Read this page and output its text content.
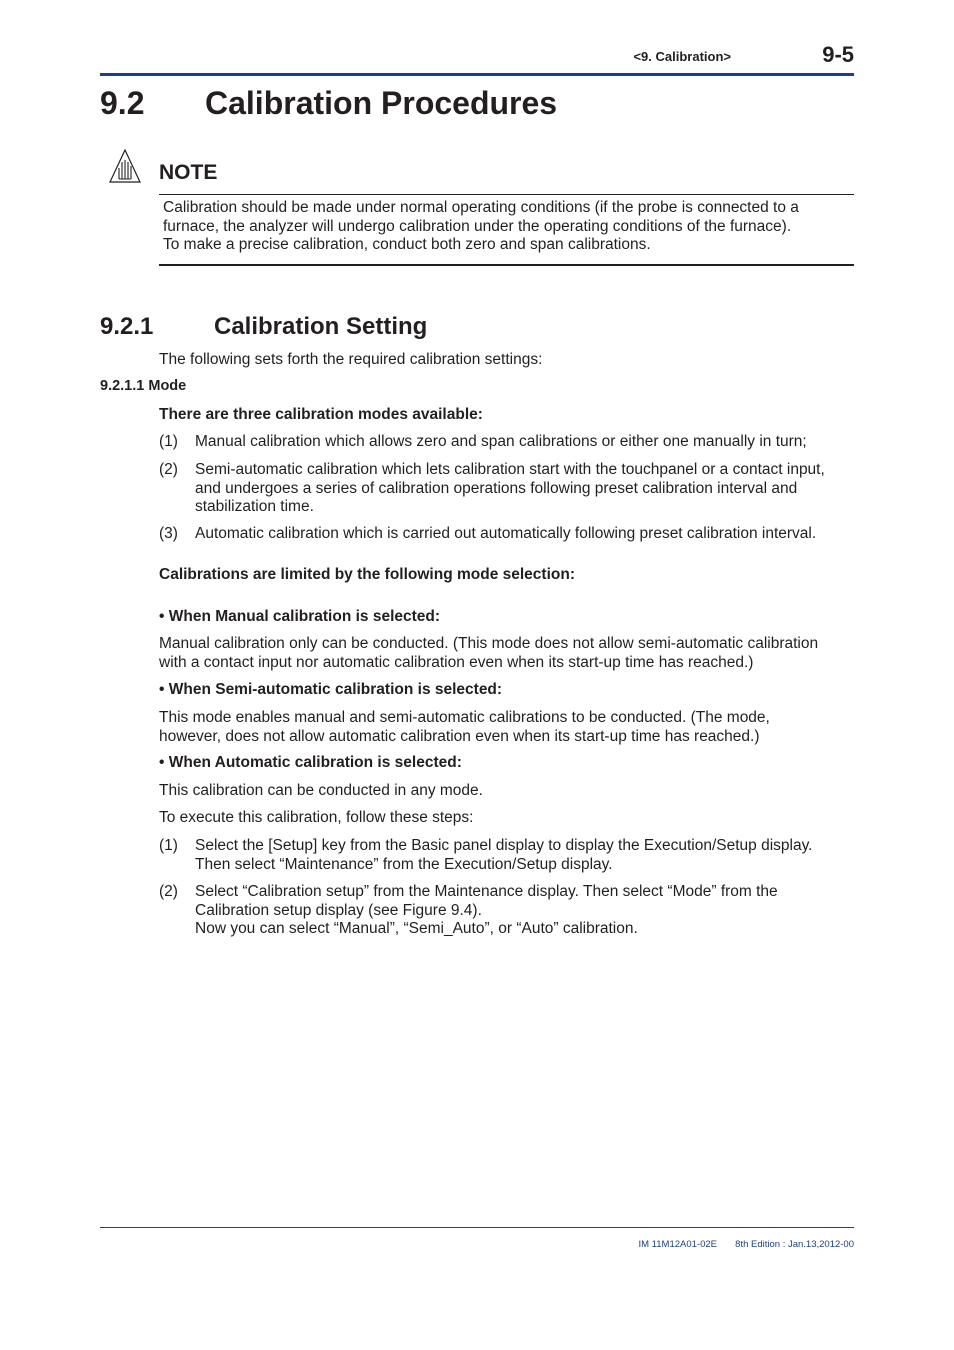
<9. Calibration>	9-5
9.2 Calibration Procedures
NOTE
Calibration should be made under normal operating conditions (if the probe is connected to a
furnace, the analyzer will undergo calibration under the operating conditions of the furnace).
To make a precise calibration, conduct both zero and span calibrations.
9.2.1	Calibration Setting
The following sets forth the required calibration settings:
9.2.1.1 Mode
There are three calibration modes available:
(1) Manual calibration which allows zero and span calibrations or either one manually in turn;
(2) Semi-automatic calibration which lets calibration start with the touchpanel or a contact input,
and undergoes a series of calibration operations following preset calibration interval and
stabilization time.
(3) Automatic calibration which is carried out automatically following preset calibration interval.
Calibrations are limited by the following mode selection:
• When Manual calibration is selected:
Manual calibration only can be conducted. (This mode does not allow semi-automatic calibration
with a contact input nor automatic calibration even when its start-up time has reached.)
• When Semi-automatic calibration is selected:
This mode enables manual and semi-automatic calibrations to be conducted. (The mode,
however, does not allow automatic calibration even when its start-up time has reached.)
• When Automatic calibration is selected:
This calibration can be conducted in any mode.
To execute this calibration, follow these steps:
(1) Select the [Setup] key from the Basic panel display to display the Execution/Setup display.
Then select “Maintenance” from the Execution/Setup display.
(2) Select “Calibration setup” from the Maintenance display. Then select “Mode” from the
Calibration setup display (see Figure 9.4).
Now you can select “Manual”, “Semi_Auto”, or “Auto” calibration.
IM 11M12A01-02E	8th Edition : Jan.13,2012-00
